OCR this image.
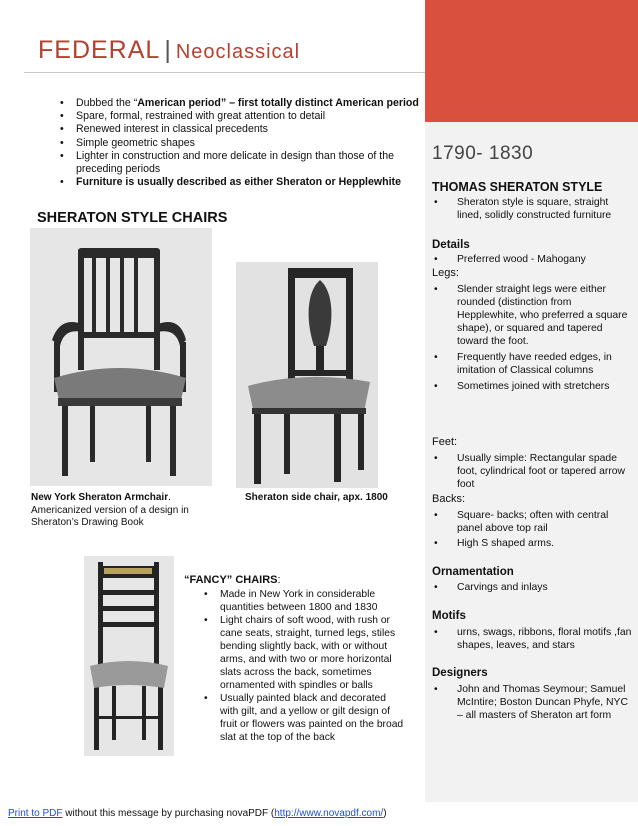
FEDERAL | Neoclassical
• Dubbed the “American period” – first totally distinct American period
• Spare, formal, restrained with great attention to detail
• Renewed interest in classical precedents
• Simple geometric shapes
• Lighter in construction and more delicate in design than those of the preceding periods
• Furniture is usually described as either Sheraton or Hepplewhite
SHERATON STYLE CHAIRS
New York Sheraton Armchair.
Americanized version of a design in Sheraton’s Drawing Book
Sheraton side chair, apx. 1800
“FANCY” CHAIRS:
• Made in New York in considerable quantities between 1800 and 1830
• Light chairs of soft wood, with rush or cane seats, straight, turned legs, stiles bending slightly back, with or without arms, and with two or more horizontal slats across the back, sometimes ornamented with spindles or balls
• Usually painted black and decorated with gilt, and a yellow or gilt design of fruit or flowers was painted on the broad slat at the top of the back
1790- 1830
THOMAS SHERATON STYLE
• Sheraton style is square, straight lined, solidly constructed furniture
Details
• Preferred wood - Mahogany
Legs:
• Slender straight legs were either rounded (distinction from Hepplewhite, who preferred a square shape), or squared and tapered toward the foot.
• Frequently have reeded edges, in imitation of Classical columns
• Sometimes joined with stretchers
Feet:
• Usually simple: Rectangular spade foot, cylindrical foot or tapered arrow foot
Backs:
• Square- backs; often with central panel above top rail
• High S shaped arms.
Ornamentation
• Carvings and inlays
Motifs
• urns, swags, ribbons, floral motifs ,fan shapes, leaves, and stars
Designers
• John and Thomas Seymour; Samuel McIntire; Boston Duncan Phyfe, NYC – all masters of Sheraton art form
Print to PDF without this message by purchasing novaPDF (http://www.novapdf.com/)
